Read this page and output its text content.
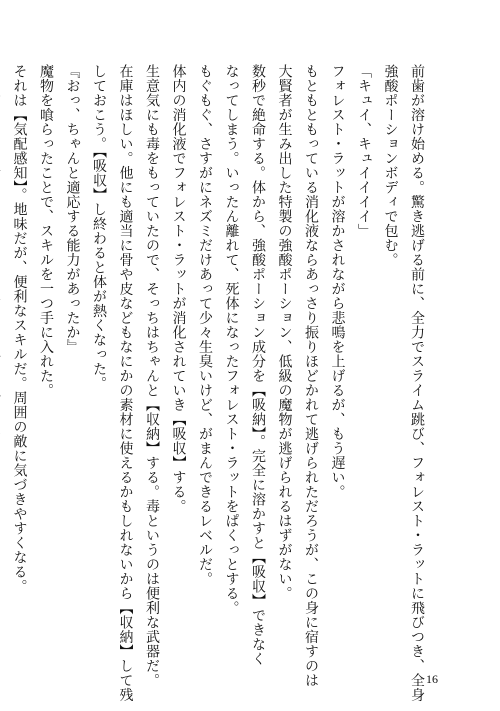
前歯が溶け始める。驚き逃げる前に、全力でスライム跳び、フォレスト・ラットに飛びつき、全身
強酸ポーションボディで包む。
「キュイ、キュイイイイ」
フォレスト・ラットが溶かされながら悲鳴を上げるが、もう遅い。
もともともっている消化液ならあっさり振りほどかれて逃げられただろうが、この身に宿すのは
大賢者が生み出した特製の強酸ポーション、低級の魔物が逃げられるはずがない。
数秒で絶命する。体から、強酸ポーション成分を【吸納】。完全に溶かすと【吸収】できなく
なってしまう。いったん離れて、死体になったフォレスト・ラットをぱくっとする。
もぐもぐ、さすがにネズミだけあって少々生臭いけど、がまんできるレベルだ。
体内の消化液でフォレスト・ラットが消化されていき【吸収】する。
生意気にも毒をもっていたので、そっちはちゃんと【収納】する。毒というのは便利な武器だ。
在庫はほしい。他にも適当に骨や皮などもなにかの素材に使えるかもしれないから【収納】して残
しておこう。【吸収】し終わると体が熱くなった。
『おっ、ちゃんと適応する能力があったか』
魔物を喰らったことで、スキルを一つ手に入れた。
それは【気配感知】。地味だが、便利なスキルだ。周囲の敵に気づきやすくなる。
16
